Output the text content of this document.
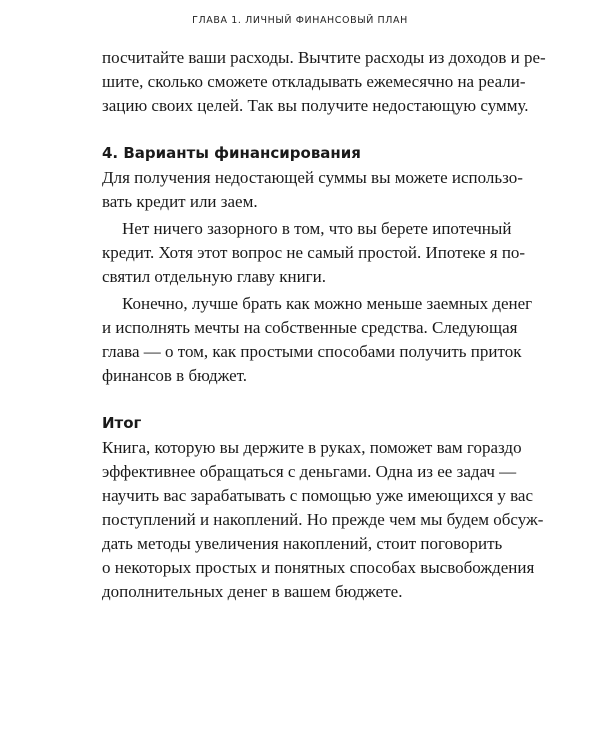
ГЛАВА 1. ЛИЧНЫЙ ФИНАНСОВЫЙ ПЛАН
посчитайте ваши расходы. Вычтите расходы из доходов и ре-
шите, сколько сможете откладывать ежемесячно на реали-
зацию своих целей. Так вы получите недостающую сумму.
4. Варианты финансирования
Для получения недостающей суммы вы можете использо-
вать кредит или заем.
Нет ничего зазорного в том, что вы берете ипотечный
кредит. Хотя этот вопрос не самый простой. Ипотеке я по-
святил отдельную главу книги.
Конечно, лучше брать как можно меньше заемных денег
и исполнять мечты на собственные средства. Следующая
глава — о том, как простыми способами получить приток
финансов в бюджет.
Итог
Книга, которую вы держите в руках, поможет вам гораздо
эффективнее обращаться с деньгами. Одна из ее задач —
научить вас зарабатывать с помощью уже имеющихся у вас
поступлений и накоплений. Но прежде чем мы будем обсуж-
дать методы увеличения накоплений, стоит поговорить
о некоторых простых и понятных способах высвобождения
дополнительных денег в вашем бюджете.
